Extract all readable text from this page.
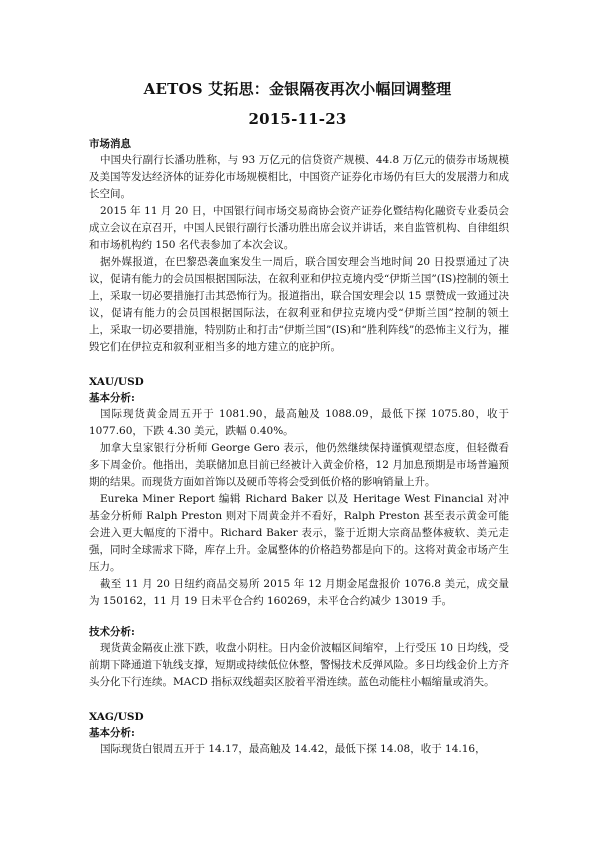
AETOS 艾拓思：金银隔夜再次小幅回调整理
2015-11-23

市场消息

中国央行副行长潘功胜称，与 93 万亿元的信贷资产规模、44.8 万亿元的债券市场规模及美国等发达经济体的证券化市场规模相比，中国资产证券化市场仍有巨大的发展潜力和成长空间。

2015 年 11 月 20 日，中国银行间市场交易商协会资产证券化暨结构化融资专业委员会成立会议在京召开，中国人民银行副行长潘功胜出席会议并讲话，来自监管机构、自律组织和市场机构约 150 名代表参加了本次会议。

据外媒报道，在巴黎恐袭血案发生一周后，联合国安理会当地时间 20 日投票通过了决议，促请有能力的会员国根据国际法，在叙利亚和伊拉克境内受“伊斯兰国”(IS)控制的领土上，采取一切必要措施打击其恐怖行为。报道指出，联合国安理会以 15 票赞成一致通过决议，促请有能力的会员国根据国际法，在叙利亚和伊拉克境内受“伊斯兰国”控制的领土上，采取一切必要措施，特别防止和打击“伊斯兰国”(IS)和“胜利阵线”的恐怖主义行为，摧毁它们在伊拉克和叙利亚相当多的地方建立的庇护所。

XAU/USD

基本分析:

国际现货黄金周五开于 1081.90，最高触及 1088.09，最低下探 1075.80，收于 1077.60，下跌 4.30 美元，跌幅 0.40%。

加拿大皇家银行分析师 George Gero 表示，他仍然继续保持谨慎观望态度，但轻微看多下周金价。他指出，美联储加息目前已经被计入黄金价格，12 月加息预期是市场普遍预期的结果。而现货方面如首饰以及硬币等将会受到低价格的影响销量上升。

Eureka Miner Report 编辑 Richard Baker 以及 Heritage West Financial 对冲基金分析师 Ralph Preston 则对下周黄金并不看好，Ralph Preston 甚至表示黄金可能会进入更大幅度的下滑中。Richard Baker 表示，鉴于近期大宗商品整体疲软、美元走强，同时全球需求下降，库存上升。金属整体的价格趋势都是向下的。这将对黄金市场产生压力。

截至 11 月 20 日纽约商品交易所 2015 年 12 月期金尾盘报价 1076.8 美元，成交量为 150162，11 月 19 日未平仓合约 160269，未平仓合约减少 13019 手。

技术分析:

现货黄金隔夜止涨下跌，收盘小阴柱。日内金价波幅区间缩窄，上行受压 10 日均线，受前期下降通道下轨线支撑，短期或持续低位休整，警惕技术反弹风险。多日均线金价上方齐头分化下行连续。MACD 指标双线超卖区胶着平滑连续。蓝色动能柱小幅缩量或消失。

XAG/USD

基本分析:

国际现货白银周五开于 14.17，最高触及 14.42，最低下探 14.08，收于 14.16，
